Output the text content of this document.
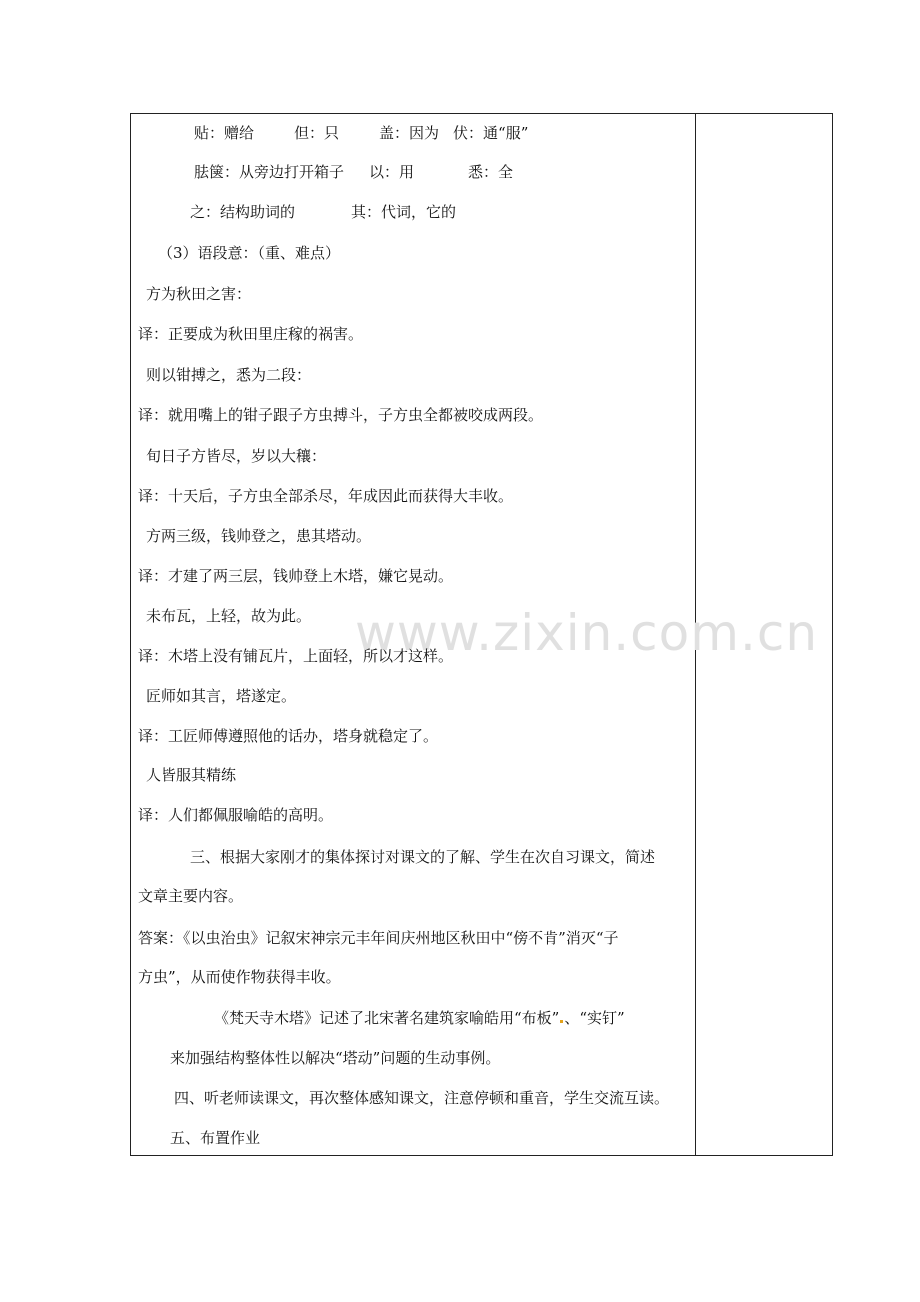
www.zixin.com.cn
贴：赠给	但：只	盖：因为 伏：通“服”
胠箧：从旁边打开箱子 以：用	悉：全
之：结构助词的	其：代词，它的
（3）语段意：（重、难点）
方为秋田之害：
译：正要成为秋田里庄稼的祸害。
则以钳搏之，悉为二段：
译：就用嘴上的钳子跟子方虫搏斗，子方虫全都被咬成两段。
旬日子方皆尽，岁以大穰：
译：十天后，子方虫全部杀尽，年成因此而获得大丰收。
方两三级，钱帅登之，患其塔动。
译：才建了两三层，钱帅登上木塔，嫌它晃动。
未布瓦，上轻，故为此。
译：木塔上没有铺瓦片，上面轻，所以才这样。
匠师如其言，塔遂定。
译：工匠师傅遵照他的话办，塔身就稳定了。
人皆服其精练
译：人们都佩服喻皓的高明。
三、根据大家刚才的集体探讨对课文的了解、学生在次自习课文，简述
文章主要内容。
答案：《以虫治虫》记叙宋神宗元丰年间庆州地区秋田中“傍不肯”消灭“子
方虫”，从而使作物获得丰收。
《梵天寺木塔》记述了北宋著名建筑家喻皓用“布板” 、“实钉”
来加强结构整体性以解决“塔动”问题的生动事例。
四、听老师读课文，再次整体感知课文，注意停顿和重音，学生交流互读。
五、布置作业
